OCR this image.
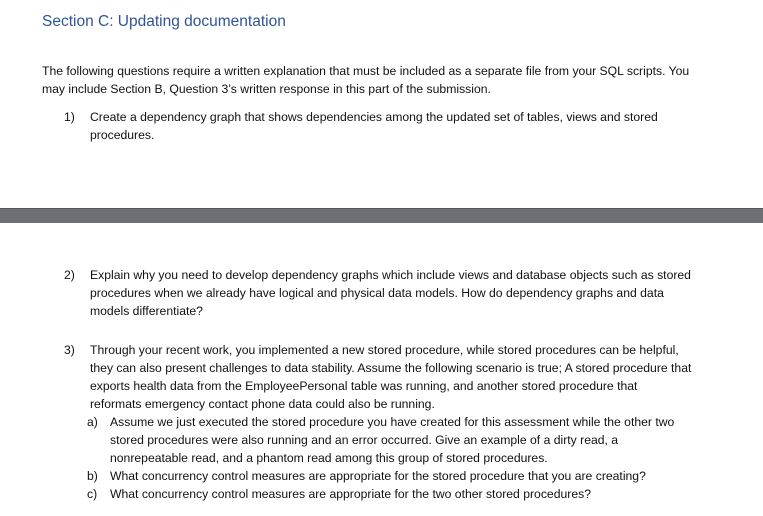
Section C: Updating documentation
The following questions require a written explanation that must be included as a separate file from your SQL scripts. You
may include Section B, Question 3’s written response in this part of the submission.
1) Create a dependency graph that shows dependencies among the updated set of tables, views and stored
procedures.
2) Explain why you need to develop dependency graphs which include views and database objects such as stored
procedures when we already have logical and physical data models. How do dependency graphs and data
models differentiate?
3) Through your recent work, you implemented a new stored procedure, while stored procedures can be helpful,
they can also present challenges to data stability. Assume the following scenario is true; A stored procedure that
exports health data from the EmployeePersonal table was running, and another stored procedure that
reformats emergency contact phone data could also be running.
a) Assume we just executed the stored procedure you have created for this assessment while the other two
stored procedures were also running and an error occurred. Give an example of a dirty read, a
nonrepeatable read, and a phantom read among this group of stored procedures.
b) What concurrency control measures are appropriate for the stored procedure that you are creating?
c) What concurrency control measures are appropriate for the two other stored procedures?
